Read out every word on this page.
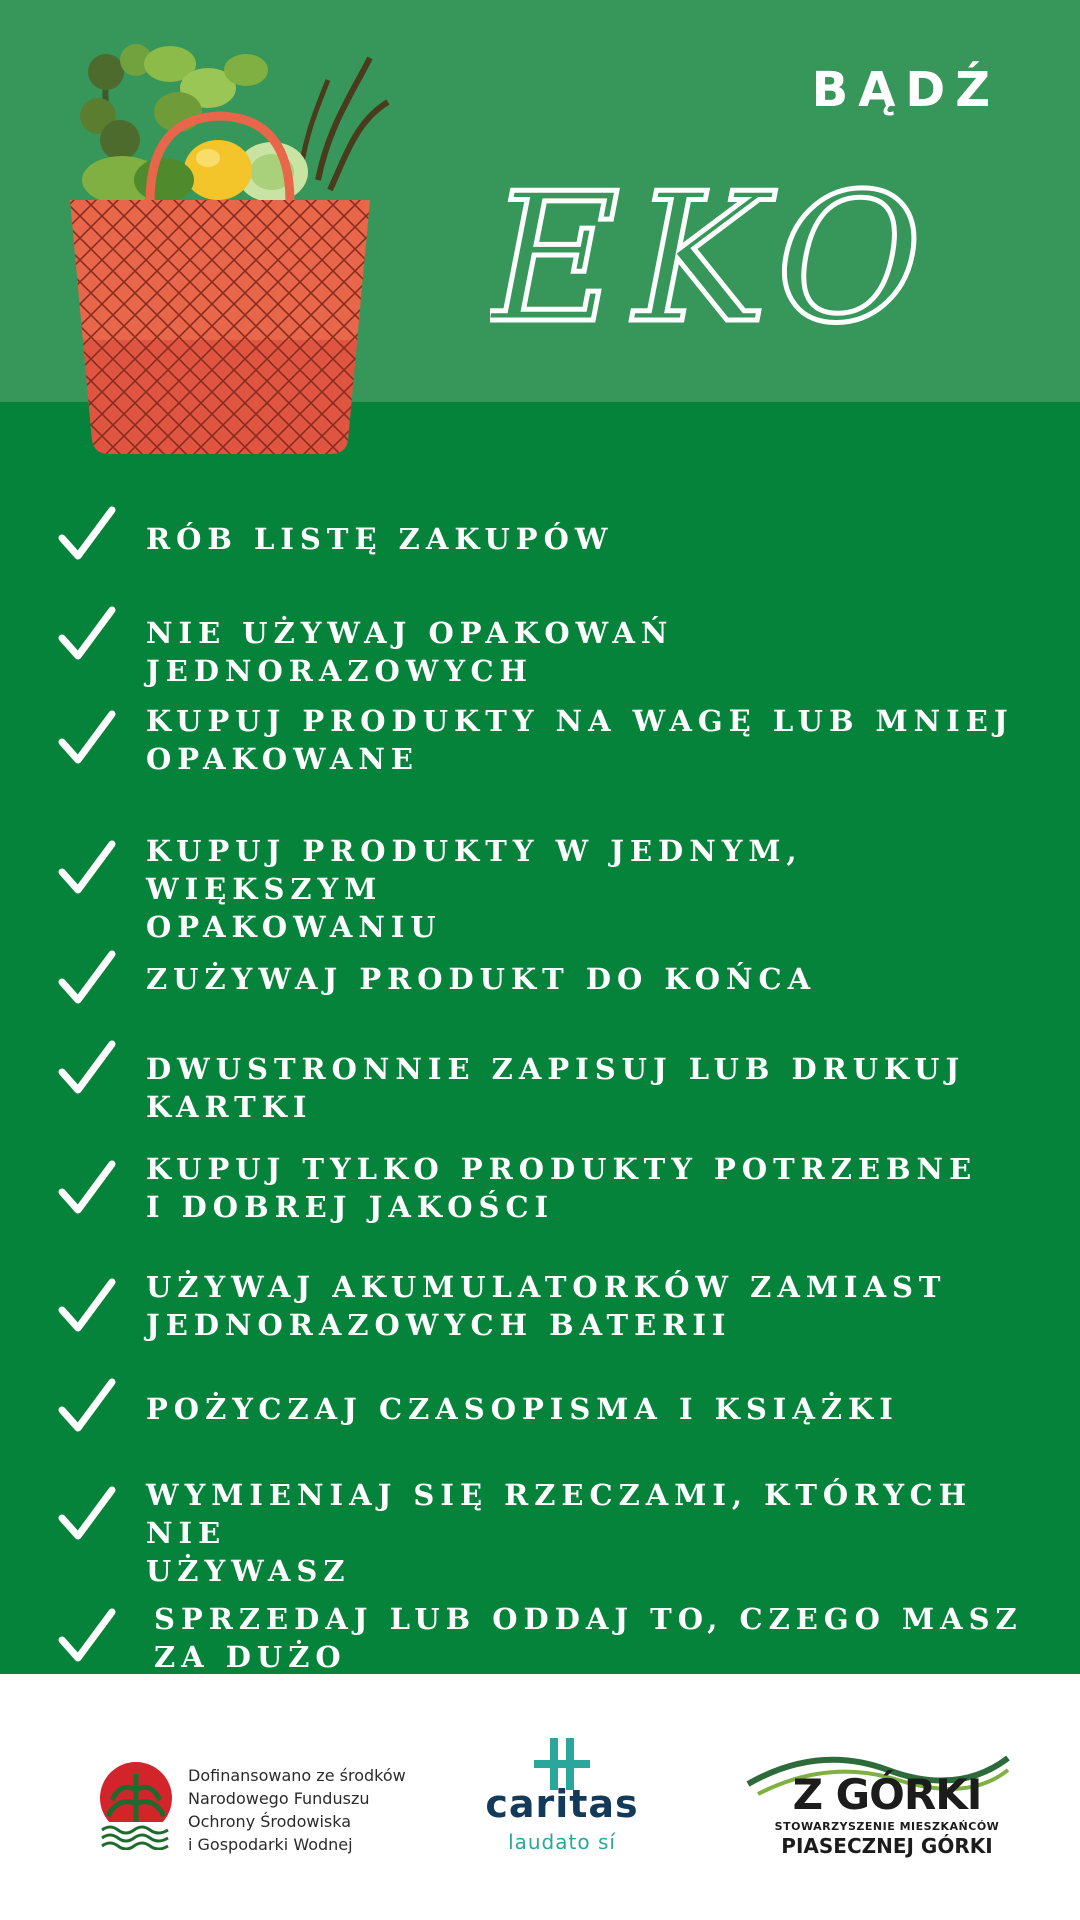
BĄDŹ
EKO
RÓB LISTĘ ZAKUPÓW
NIE UŻYWAJ OPAKOWAŃ JEDNORAZOWYCH
KUPUJ PRODUKTY NA WAGĘ LUB MNIEJ
OPAKOWANE
KUPUJ PRODUKTY W JEDNYM, WIĘKSZYM
OPAKOWANIU
ZUŻYWAJ PRODUKT DO KOŃCA
DWUSTRONNIE ZAPISUJ LUB DRUKUJ KARTKI
KUPUJ TYLKO PRODUKTY POTRZEBNE
I DOBREJ JAKOŚCI
UŻYWAJ AKUMULATORKÓW ZAMIAST
JEDNORAZOWYCH BATERII
POŻYCZAJ CZASOPISMA I KSIĄŻKI
WYMIENIAJ SIĘ RZECZAMI, KTÓRYCH NIE
UŻYWASZ
SPRZEDAJ LUB ODDAJ TO, CZEGO MASZ
ZA DUŻO
Dofinansowano ze środków
Narodowego Funduszu
Ochrony Środowiska
i Gospodarki Wodnej
caritas
laudato sí
Z GÓRKI
STOWARZYSZENIE MIESZKAŃCÓW
PIASECZNEJ GÓRKI
